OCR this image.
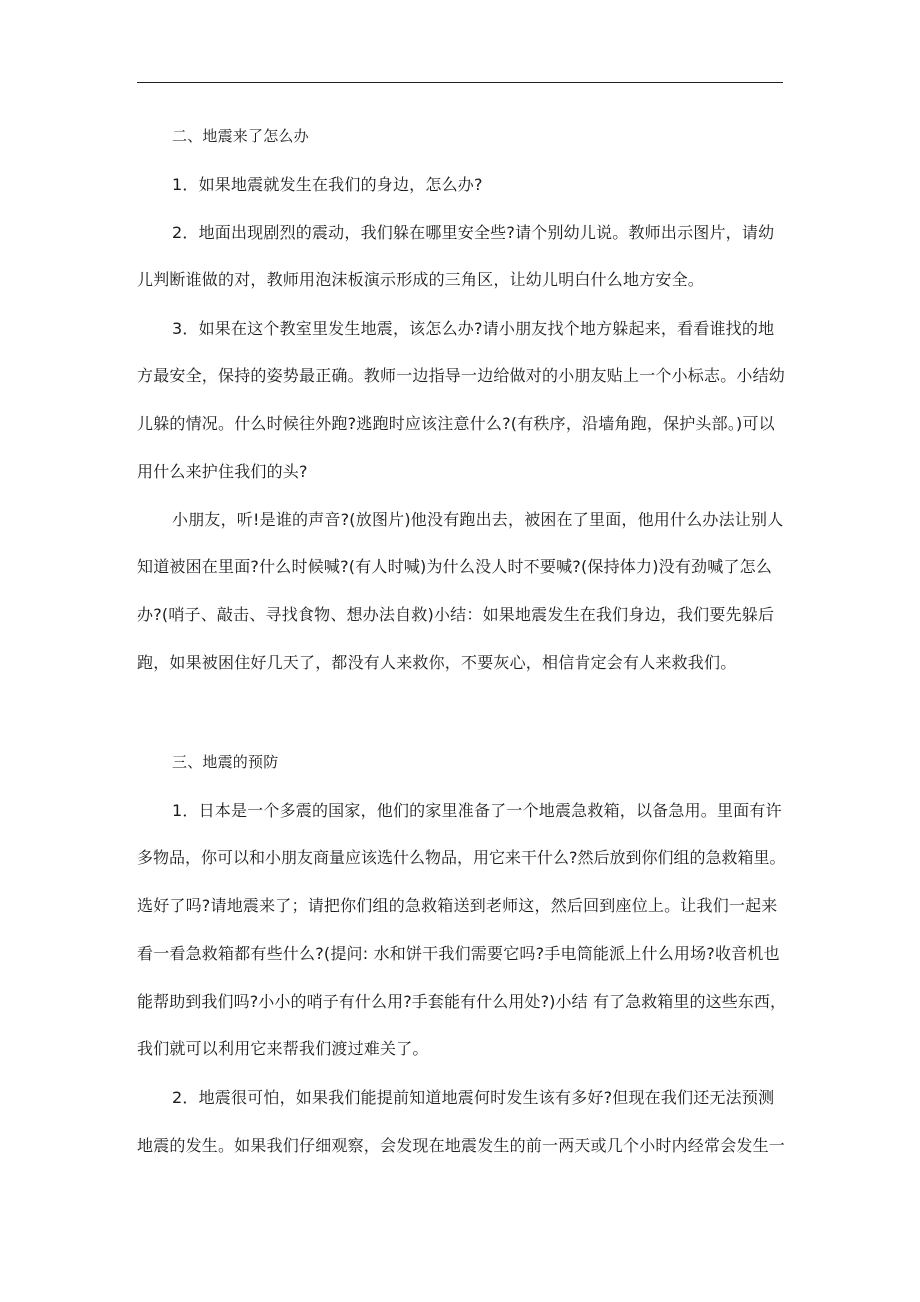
二、地震来了怎么办
1．如果地震就发生在我们的身边，怎么办?
2．地面出现剧烈的震动，我们躲在哪里安全些?请个别幼儿说。教师出示图片，请幼
儿判断谁做的对，教师用泡沫板演示形成的三角区，让幼儿明白什么地方安全。
3．如果在这个教室里发生地震，该怎么办?请小朋友找个地方躲起来，看看谁找的地
方最安全，保持的姿势最正确。教师一边指导一边给做对的小朋友贴上一个小标志。小结幼
儿躲的情况。什么时候往外跑?逃跑时应该注意什么?(有秩序，沿墙角跑，保护头部。)可以
用什么来护住我们的头?
小朋友，听!是谁的声音?(放图片)他没有跑出去，被困在了里面，他用什么办法让别人
知道被困在里面?什么时候喊?(有人时喊)为什么没人时不要喊?(保持体力)没有劲喊了怎么
办?(哨子、敲击、寻找食物、想办法自救)小结：如果地震发生在我们身边，我们要先躲后
跑，如果被困住好几天了，都没有人来救你，不要灰心，相信肯定会有人来救我们。
三、地震的预防
1．日本是一个多震的国家，他们的家里准备了一个地震急救箱，以备急用。里面有许
多物品，你可以和小朋友商量应该选什么物品，用它来干什么?然后放到你们组的急救箱里。
选好了吗?请地震来了；请把你们组的急救箱送到老师这，然后回到座位上。让我们一起来
看一看急救箱都有些什么?(提问: 水和饼干我们需要它吗?手电筒能派上什么用场?收音机也
能帮助到我们吗?小小的哨子有什么用?手套能有什么用处?)小结 有了急救箱里的这些东西，
我们就可以利用它来帮我们渡过难关了。
2．地震很可怕，如果我们能提前知道地震何时发生该有多好?但现在我们还无法预测
地震的发生。如果我们仔细观察，会发现在地震发生的前一两天或几个小时内经常会发生一
